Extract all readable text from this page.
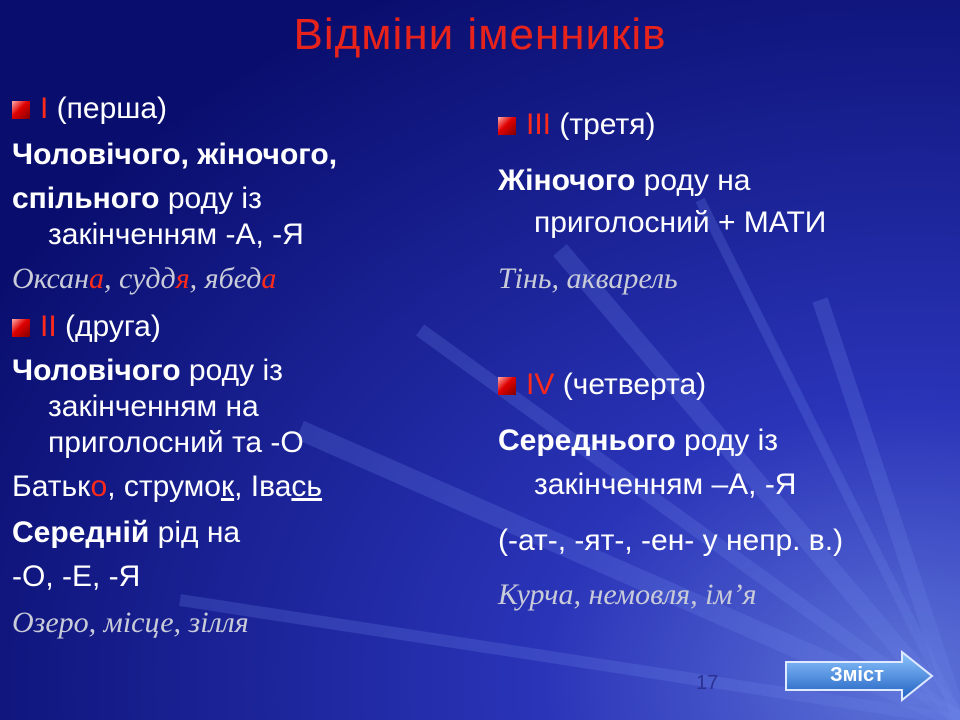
Відміни іменників
I (перша)
Чоловічого, жіночого,
спільного роду із
закінченням -А, -Я
Оксана, суддя, ябеда
II (друга)
Чоловічого роду із
закінченням на
приголосний та -О
Батько, струмок, Івась
Середній рід на
-О, -Е, -Я
Озеро, місце, зілля
III (третя)
Жіночого роду на
приголосний + МАТИ
Тінь, акварель
IV (четверта)
Середнього роду із
закінченням –А, -Я
(-ат-, -ят-, -ен- у непр. в.)
Курча, немовля, ім’я
17	Зміст
